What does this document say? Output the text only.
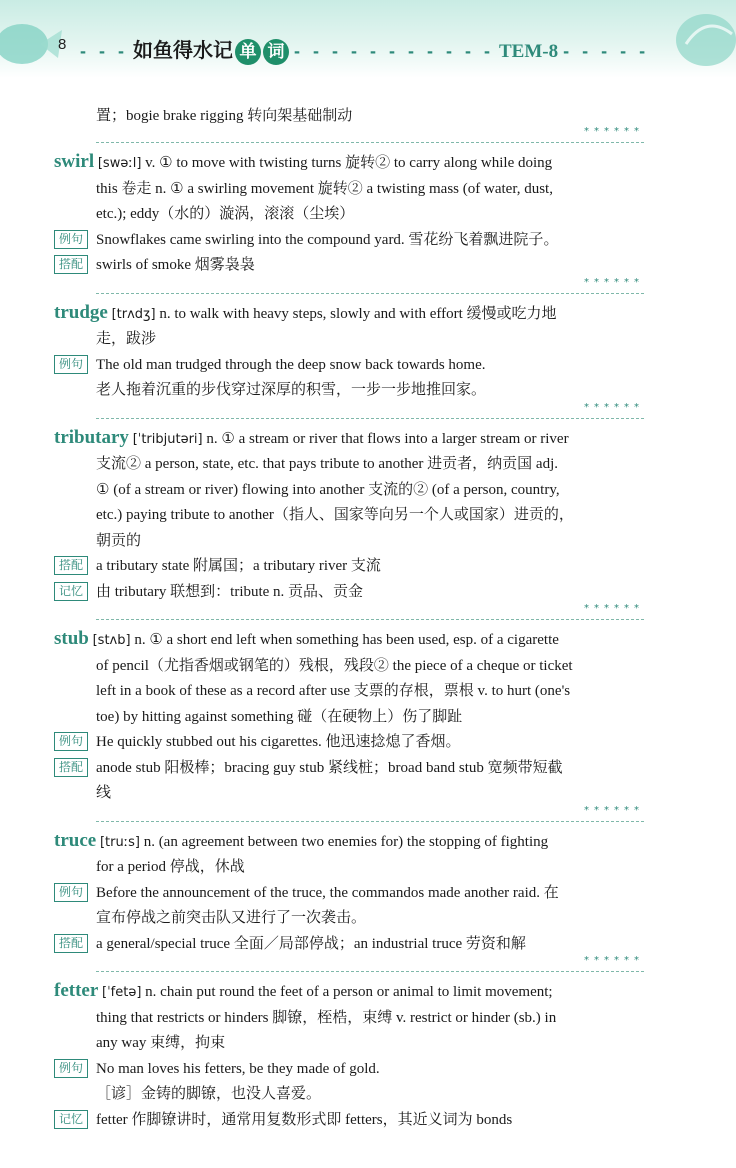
8 - - - 如鱼得水记 单 词 - - - - - - - - - - - TEM-8 - - - - -
置；bogie brake rigging 转向架基础制动
******
swirl [swəːl] v. ① to move with twisting turns 旋转② to carry along while doing
this 卷走 n. ① a swirling movement 旋转② a twisting mass (of water, dust,
etc.); eddy（水的）漩涡，滚滚（尘埃）
例句 Snowflakes came swirling into the compound yard. 雪花纷飞着飘进院子。
搭配 swirls of smoke 烟雾袅袅
******
trudge [trʌdʒ] n. to walk with heavy steps, slowly and with effort 缓慢或吃力地
走，跋涉
例句 The old man trudged through the deep snow back towards home.
老人拖着沉重的步伐穿过深厚的积雪，一步一步地推回家。
******
tributary [ˈtribjutəri] n. ① a stream or river that flows into a larger stream or river
支流② a person, state, etc. that pays tribute to another 进贡者，纳贡国 adj.
① (of a stream or river) flowing into another 支流的② (of a person, country,
etc.) paying tribute to another（指人、国家等向另一个人或国家）进贡的，
朝贡的
搭配 a tributary state 附属国；a tributary river 支流
记忆 由 tributary 联想到：tribute n. 贡品、贡金
******
stub [stʌb] n. ① a short end left when something has been used, esp. of a cigarette
of pencil（尤指香烟或钢笔的）残根，残段② the piece of a cheque or ticket
left in a book of these as a record after use 支票的存根，票根 v. to hurt (one's
toe) by hitting against something 碰（在硬物上）伤了脚趾
例句 He quickly stubbed out his cigarettes. 他迅速捻熄了香烟。
搭配 anode stub 阳极棒；bracing guy stub 紧线桩；broad band stub 宽频带短截
线
******
truce [truːs] n. (an agreement between two enemies for) the stopping of fighting
for a period 停战，休战
例句 Before the announcement of the truce, the commandos made another raid. 在
宣布停战之前突击队又进行了一次袭击。
搭配 a general/special truce 全面／局部停战；an industrial truce 劳资和解
******
fetter [ˈfetə] n. chain put round the feet of a person or animal to limit movement;
thing that restricts or hinders 脚镣，桎梏，束缚 v. restrict or hinder (sb.) in
any way 束缚，拘束
例句 No man loves his fetters, be they made of gold.
［谚］金铸的脚镣，也没人喜爱。
记忆 fetter 作脚镣讲时，通常用复数形式即 fetters，其近义词为 bonds
